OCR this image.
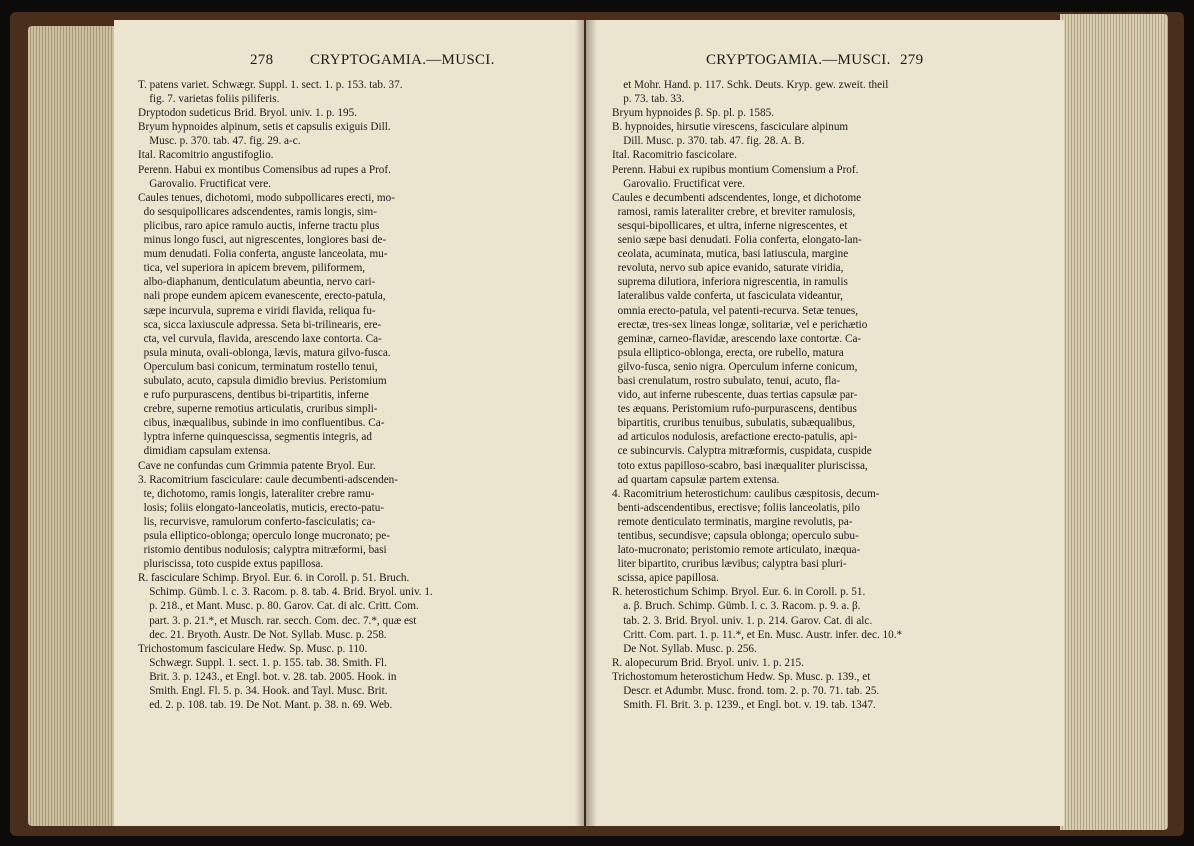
278 CRYPTOGAMIA.—MUSCI.	CRYPTOGAMIA.—MUSCI. 279
T. patens variet. Schwægr. Suppl. 1. sect. 1. p. 153. tab. 37.
fig. 7. varietas foliis piliferis.
Dryptodon sudeticus Brid. Bryol. univ. 1. p. 195.
Bryum hypnoides alpinum, setis et capsulis exiguis Dill.
Musc. p. 370. tab. 47. fig. 29. a-c.
Ital. Racomitrio angustifoglio.
Perenn. Habui ex montibus Comensibus ad rupes a Prof.
Garovalio. Fructificat vere.
Caules tenues, dichotomi, modo subpollicares erecti, mo-
do sesquipollicares adscendentes, ramis longis, sim-
plicibus, raro apice ramulo auctis, inferne tractu plus
minus longo fusci, aut nigrescentes, longiores basi de-
mum denudati. Folia conferta, anguste lanceolata, mu-
tica, vel superiora in apicem brevem, piliformem,
albo-diaphanum, denticulatum abeuntia, nervo cari-
nali prope eundem apicem evanescente, erecto-patula,
sæpe incurvula, suprema e viridi flavida, reliqua fu-
sca, sicca laxiuscule adpressa. Seta bi-trilinearis, ere-
cta, vel curvula, flavida, arescendo laxe contorta. Ca-
psula minuta, ovali-oblonga, lævis, matura gilvo-fusca.
Operculum basi conicum, terminatum rostello tenui,
subulato, acuto, capsula dimidio brevius. Peristomium
e rufo purpurascens, dentibus bi-tripartitis, inferne
crebre, superne remotius articulatis, cruribus simpli-
cibus, inæqualibus, subinde in imo confluentibus. Ca-
lyptra inferne quinquescissa, segmentis integris, ad
dimidiam capsulam extensa.
Cave ne confundas cum Grimmia patente Bryol. Eur.
3. Racomitrium fasciculare: caule decumbenti-adscenden-
te, dichotomo, ramis longis, lateraliter crebre ramu-
losis; foliis elongato-lanceolatis, muticis, erecto-patu-
lis, recurvisve, ramulorum conferto-fasciculatis; ca-
psula elliptico-oblonga; operculo longe mucronato; pe-
ristomio dentibus nodulosis; calyptra mitræformi, basi
pluriscissa, toto cuspide extus papillosa.
R. fasciculare Schimp. Bryol. Eur. 6. in Coroll. p. 51. Bruch.
Schimp. Gümb. l. c. 3. Racom. p. 8. tab. 4. Brid. Bryol. univ. 1.
p. 218., et Mant. Musc. p. 80. Garov. Cat. di alc. Critt. Com.
part. 3. p. 21.*, et Musch. rar. secch. Com. dec. 7.*, quæ est
dec. 21. Bryoth. Austr. De Not. Syllab. Musc. p. 258.
Trichostomum fasciculare Hedw. Sp. Musc. p. 110.
Schwægr. Suppl. 1. sect. 1. p. 155. tab. 38. Smith. Fl.
Brit. 3. p. 1243., et Engl. bot. v. 28. tab. 2005. Hook. in
Smith. Engl. Fl. 5. p. 34. Hook. and Tayl. Musc. Brit.
ed. 2. p. 108. tab. 19. De Not. Mant. p. 38. n. 69. Web.
et Mohr. Hand. p. 117. Schk. Deuts. Kryp. gew. zweit. theil
p. 73. tab. 33.
Bryum hypnoides β. Sp. pl. p. 1585.
B. hypnoides, hirsutie virescens, fasciculare alpinum
Dill. Musc. p. 370. tab. 47. fig. 28. A. B.
Ital. Racomitrio fascicolare.
Perenn. Habui ex rupibus montium Comensium a Prof.
Garovalio. Fructificat vere.
Caules e decumbenti adscendentes, longe, et dichotome
ramosi, ramis lateraliter crebre, et breviter ramulosis,
sesqui-bipollicares, et ultra, inferne nigrescentes, et
senio sæpe basi denudati. Folia conferta, elongato-lan-
ceolata, acuminata, mutica, basi latiuscula, margine
revoluta, nervo sub apice evanido, saturate viridia,
suprema dilutiora, inferiora nigrescentia, in ramulis
lateralibus valde conferta, ut fasciculata videantur,
omnia erecto-patula, vel patenti-recurva. Setæ tenues,
erectæ, tres-sex lineas longæ, solitariæ, vel e perichætio
geminæ, carneo-flavidæ, arescendo laxe contortæ. Ca-
psula elliptico-oblonga, erecta, ore rubello, matura
gilvo-fusca, senio nigra. Operculum inferne conicum,
basi crenulatum, rostro subulato, tenui, acuto, fla-
vido, aut inferne rubescente, duas tertias capsulæ par-
tes æquans. Peristomium rufo-purpurascens, dentibus
bipartitis, cruribus tenuibus, subulatis, subæqualibus,
ad articulos nodulosis, arefactione erecto-patulis, api-
ce subincurvis. Calyptra mitræformis, cuspidata, cuspide
toto extus papilloso-scabro, basi inæqualiter pluriscissa,
ad quartam capsulæ partem extensa.
4. Racomitrium heterostichum: caulibus cæspitosis, decum-
benti-adscendentibus, erectisve; foliis lanceolatis, pilo
remote denticulato terminatis, margine revolutis, pa-
tentibus, secundisve; capsula oblonga; operculo subu-
lato-mucronato; peristomio remote articulato, inæqua-
liter bipartito, cruribus lævibus; calyptra basi pluri-
scissa, apice papillosa.
R. heterostichum Schimp. Bryol. Eur. 6. in Coroll. p. 51.
a. β. Bruch. Schimp. Gümb. l. c. 3. Racom. p. 9. a. β.
tab. 2. 3. Brid. Bryol. univ. 1. p. 214. Garov. Cat. di alc.
Critt. Com. part. 1. p. 11.*, et En. Musc. Austr. infer. dec. 10.*
De Not. Syllab. Musc. p. 256.
R. alopecurum Brid. Bryol. univ. 1. p. 215.
Trichostomum heterostichum Hedw. Sp. Musc. p. 139., et
Descr. et Adumbr. Musc. frond. tom. 2. p. 70. 71. tab. 25.
Smith. Fl. Brit. 3. p. 1239., et Engl. bot. v. 19. tab. 1347.
